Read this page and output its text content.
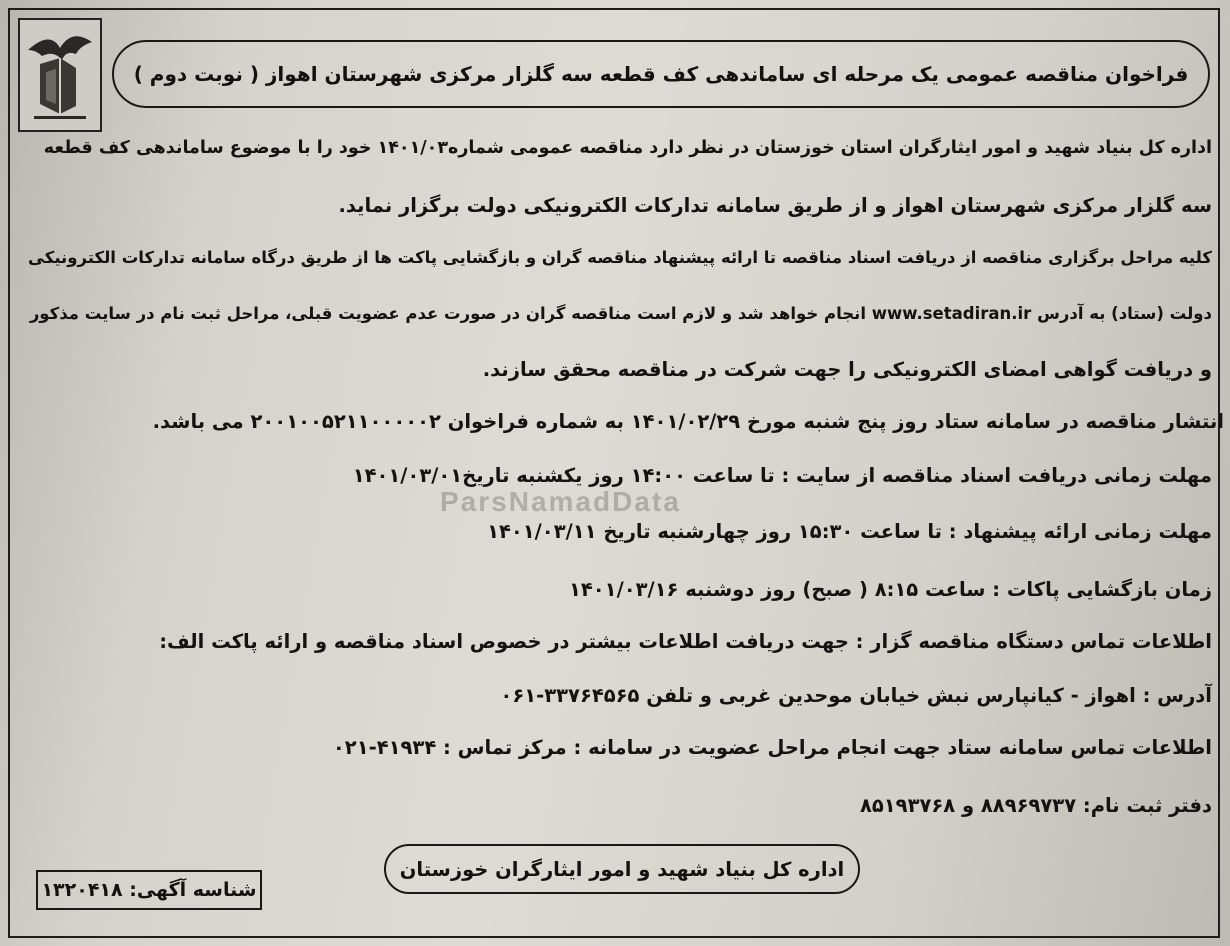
فراخوان مناقصه عمومی یک مرحله ای ساماندهی کف قطعه سه گلزار مرکزی شهرستان اهواز ( نوبت دوم )
اداره کل بنیاد شهید و امور ایثارگران استان خوزستان در نظر دارد مناقصه عمومی شماره۱۴۰۱/۰۳ خود را با موضوع ساماندهی کف قطعه
سه گلزار مرکزی شهرستان اهواز و از طریق سامانه تدارکات الکترونیکی دولت برگزار نماید.
کلیه مراحل برگزاری مناقصه از دریافت اسناد مناقصه تا ارائه پیشنهاد مناقصه گران و بازگشایی پاکت ها از طریق درگاه سامانه تدارکات الکترونیکی
دولت (ستاد) به آدرس www.setadiran.ir انجام خواهد شد و لازم است مناقصه گران در صورت عدم عضویت قبلی، مراحل ثبت نام در سایت مذکور
و دریافت گواهی امضای الکترونیکی را جهت شرکت در مناقصه محقق سازند.
انتشار مناقصه در سامانه ستاد روز پنج شنبه مورخ ۱۴۰۱/۰۲/۲۹ به شماره فراخوان ۲۰۰۱۰۰۵۲۱۱۰۰۰۰۰۲ می باشد.
مهلت زمانی دریافت اسناد مناقصه از سایت : تا ساعت ۱۴:۰۰ روز یکشنبه تاریخ۱۴۰۱/۰۳/۰۱
مهلت زمانی ارائه پیشنهاد : تا ساعت ۱۵:۳۰ روز چهارشنبه تاریخ ۱۴۰۱/۰۳/۱۱
زمان بازگشایی پاکات : ساعت ۸:۱۵ ( صبح) روز دوشنبه ۱۴۰۱/۰۳/۱۶
اطلاعات تماس دستگاه مناقصه گزار : جهت دریافت اطلاعات بیشتر در خصوص اسناد مناقصه و ارائه پاکت الف:
آدرس : اهواز - کیانپارس نبش خیابان موحدین غربی و تلفن ۳۳۷۶۴۵۶۵-۰۶۱
اطلاعات تماس سامانه ستاد جهت انجام مراحل عضویت در سامانه : مرکز تماس : ۴۱۹۳۴-۰۲۱
دفتر ثبت نام: ۸۸۹۶۹۷۳۷ و ۸۵۱۹۳۷۶۸
ParsNamadData
اداره کل بنیاد شهید و امور ایثارگران خوزستان
شناسه آگهی: ۱۳۲۰۴۱۸
